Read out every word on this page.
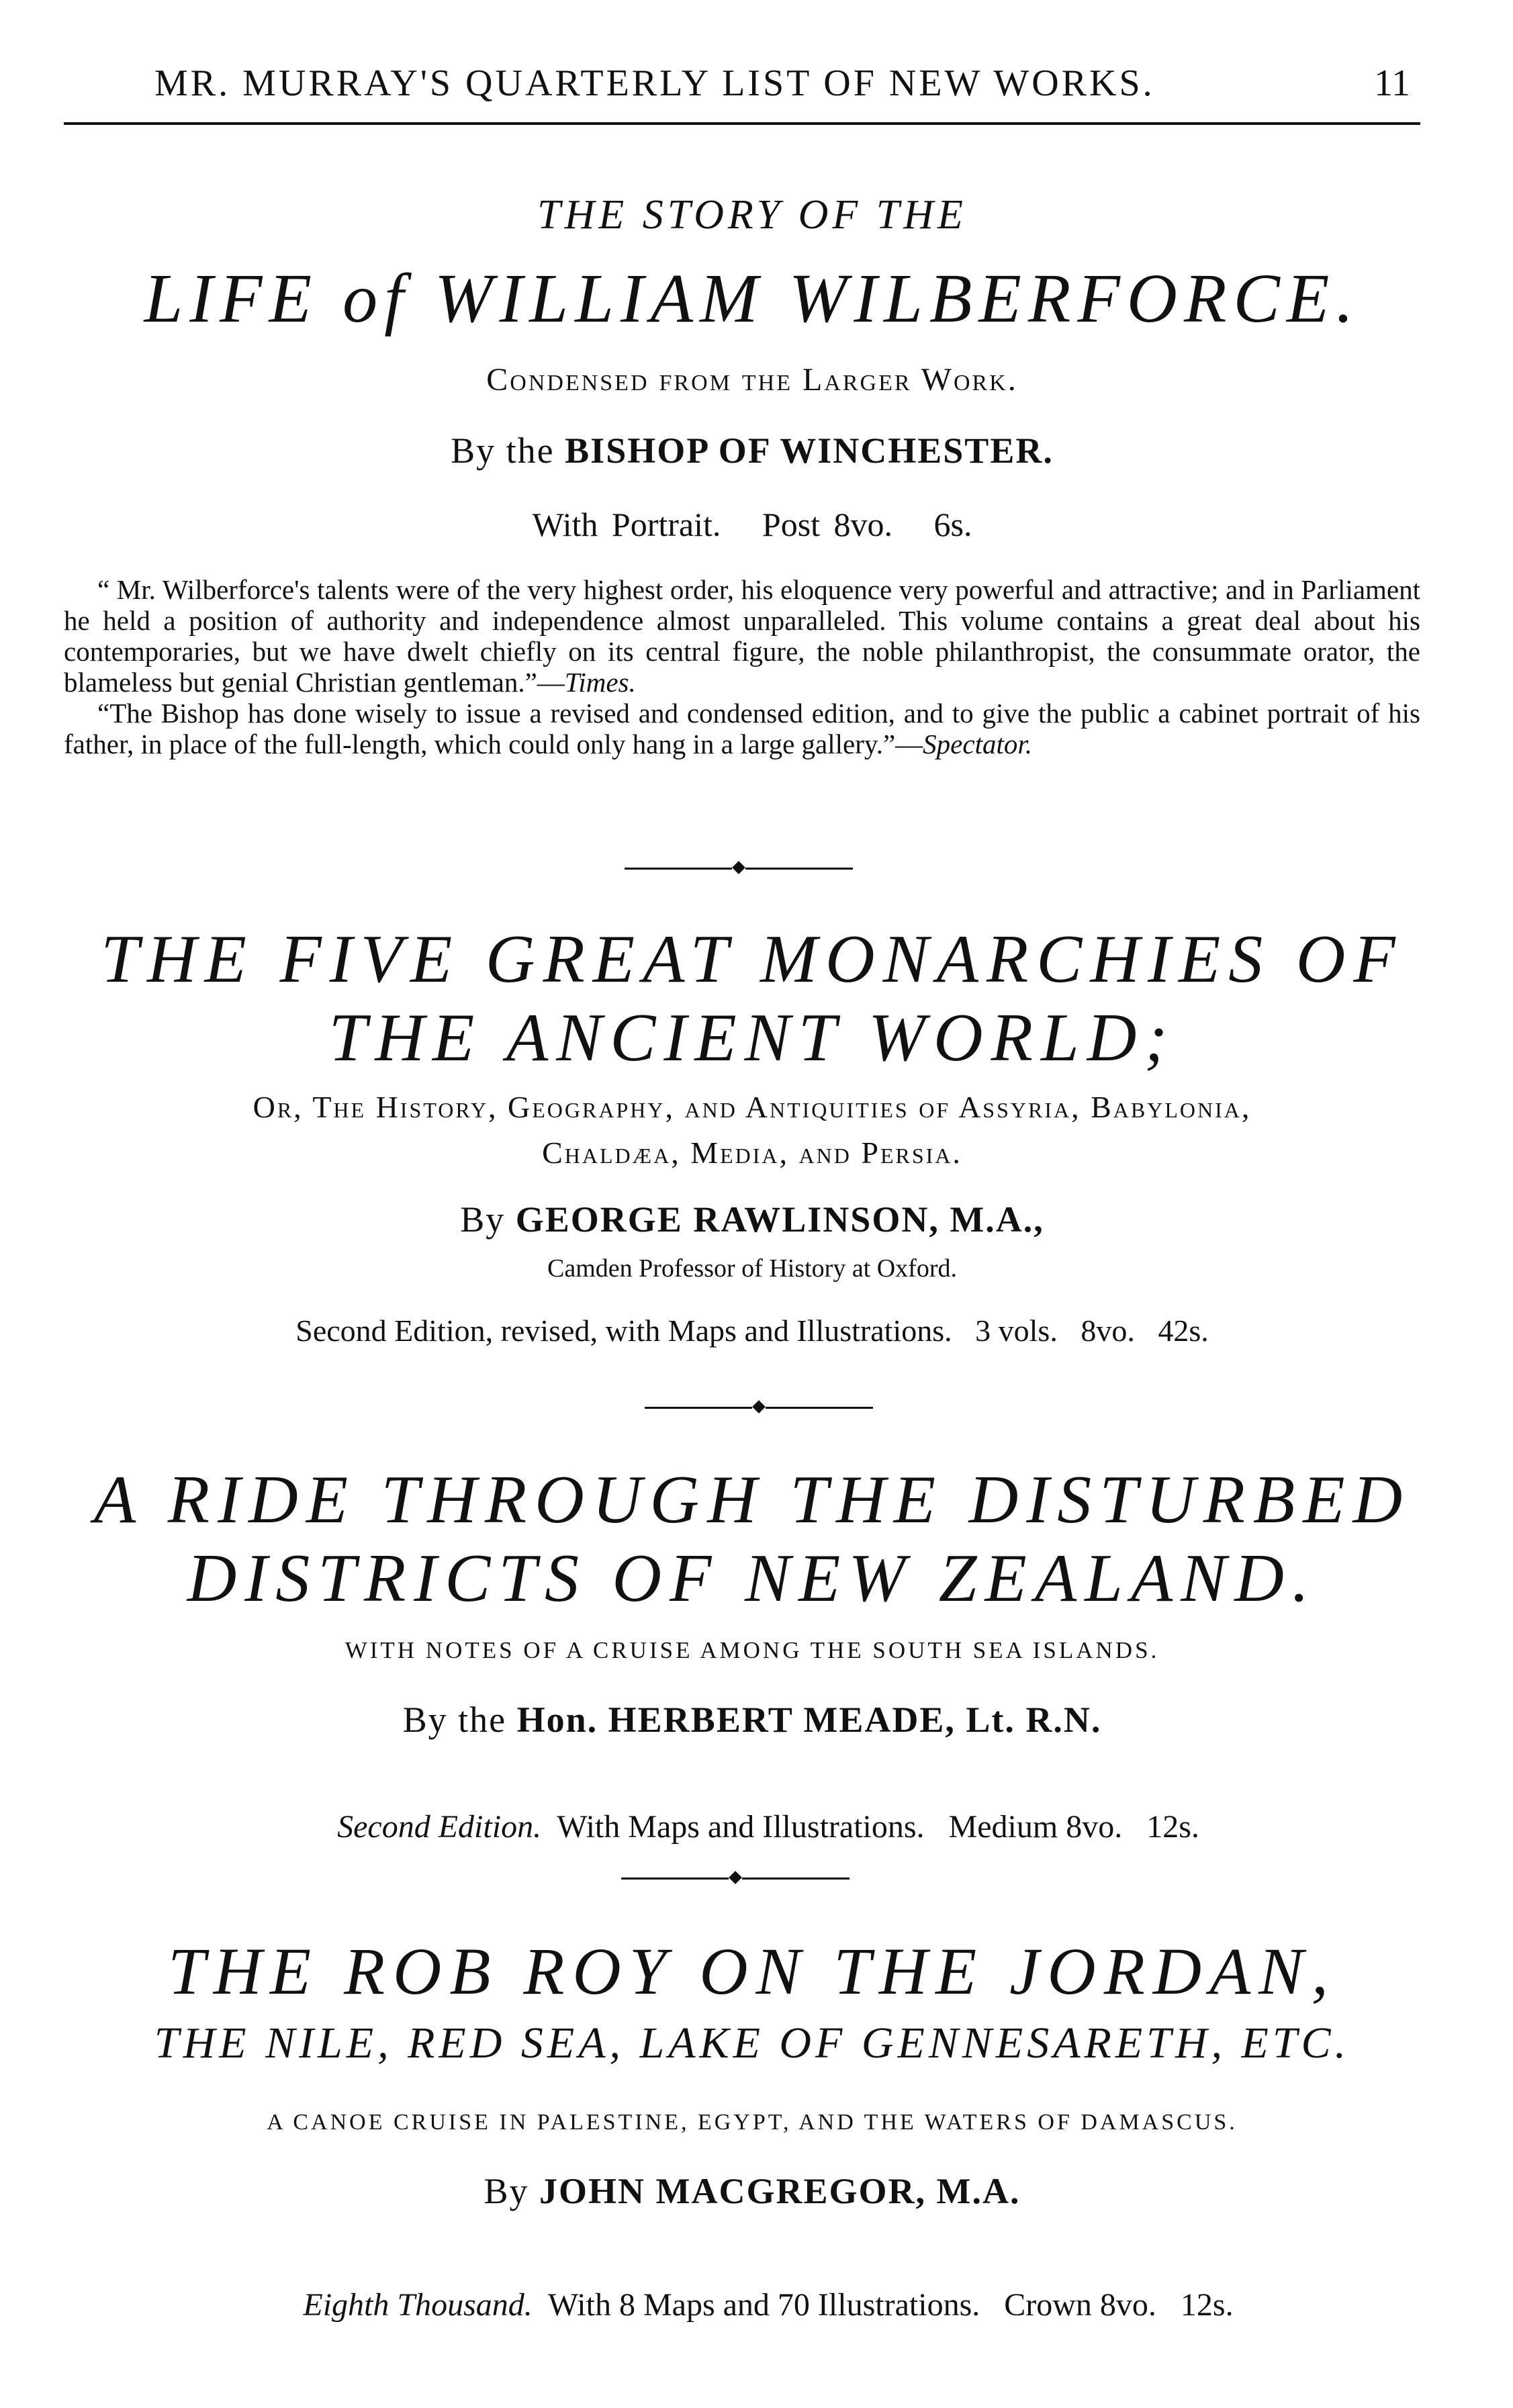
MR. MURRAY'S QUARTERLY LIST OF NEW WORKS.	11
THE STORY OF THE
LIFE of WILLIAM WILBERFORCE.
Condensed from the Larger Work.
By the BISHOP OF WINCHESTER.
With Portrait.   Post 8vo.   6s.

“ Mr. Wilberforce's talents were of the very highest order, his eloquence very powerful and attractive; and in Parliament he held a position of authority and independence almost unparalleled. This volume contains a great deal about his contemporaries, but we have dwelt chiefly on its central figure, the noble philanthropist, the consummate orator, the blameless but genial Christian gentleman.”—Times.

“The Bishop has done wisely to issue a revised and condensed edition, and to give the public a cabinet portrait of his father, in place of the full-length, which could only hang in a large gallery.”—Spectator.

THE FIVE GREAT MONARCHIES OF
THE ANCIENT WORLD;
Or, The History, Geography, and Antiquities of Assyria, Babylonia,
Chaldæa, Media, and Persia.
By GEORGE RAWLINSON, M.A.,
Camden Professor of History at Oxford.
Second Edition, revised, with Maps and Illustrations.   3 vols.   8vo.   42s.
A RIDE THROUGH THE DISTURBED
DISTRICTS OF NEW ZEALAND.
WITH NOTES OF A CRUISE AMONG THE SOUTH SEA ISLANDS.
By the Hon. HERBERT MEADE, Lt. R.N.

Second Edition. With Maps and Illustrations.   Medium 8vo.   12s.

THE ROB ROY ON THE JORDAN,
THE NILE, RED SEA, LAKE OF GENNESARETH, ETC.
A CANOE CRUISE IN PALESTINE, EGYPT, AND THE WATERS OF DAMASCUS.
By JOHN MACGREGOR, M.A.

Eighth Thousand. With 8 Maps and 70 Illustrations.   Crown 8vo.   12s.
